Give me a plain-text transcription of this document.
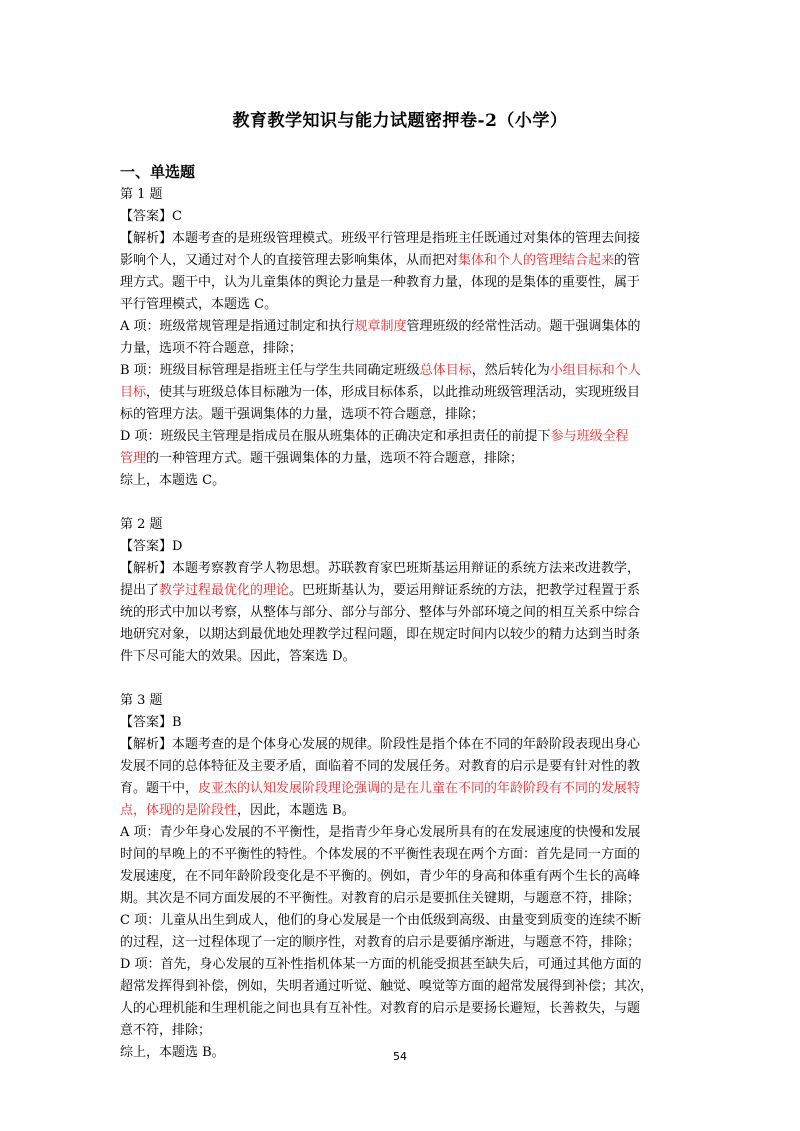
教育教学知识与能力试题密押卷-2（小学）
一、单选题
第 1 题
【答案】C
【解析】本题考查的是班级管理模式。班级平行管理是指班主任既通过对集体的管理去间接
影响个人，又通过对个人的直接管理去影响集体，从而把对集体和个人的管理结合起来的管
理方式。题干中，认为儿童集体的舆论力量是一种教育力量，体现的是集体的重要性，属于
平行管理模式，本题选 C。
A 项：班级常规管理是指通过制定和执行规章制度管理班级的经常性活动。题干强调集体的
力量，选项不符合题意，排除；
B 项：班级目标管理是指班主任与学生共同确定班级总体目标，然后转化为小组目标和个人
目标，使其与班级总体目标融为一体，形成目标体系，以此推动班级管理活动，实现班级目
标的管理方法。题干强调集体的力量，选项不符合题意，排除；
D 项：班级民主管理是指成员在服从班集体的正确决定和承担责任的前提下参与班级全程
管理的一种管理方式。题干强调集体的力量，选项不符合题意，排除；
综上，本题选 C。
第 2 题
【答案】D
【解析】本题考察教育学人物思想。苏联教育家巴班斯基运用辩证的系统方法来改进教学，
提出了教学过程最优化的理论。巴班斯基认为，要运用辩证系统的方法，把教学过程置于系
统的形式中加以考察，从整体与部分、部分与部分、整体与外部环境之间的相互关系中综合
地研究对象，以期达到最优地处理教学过程问题，即在规定时间内以较少的精力达到当时条
件下尽可能大的效果。因此，答案选 D。
第 3 题
【答案】B
【解析】本题考查的是个体身心发展的规律。阶段性是指个体在不同的年龄阶段表现出身心
发展不同的总体特征及主要矛盾，面临着不同的发展任务。对教育的启示是要有针对性的教
育。题干中，皮亚杰的认知发展阶段理论强调的是在儿童在不同的年龄阶段有不同的发展特
点，体现的是阶段性，因此，本题选 B。
A 项：青少年身心发展的不平衡性，是指青少年身心发展所具有的在发展速度的快慢和发展
时间的早晚上的不平衡性的特性。个体发展的不平衡性表现在两个方面：首先是同一方面的
发展速度，在不同年龄阶段变化是不平衡的。例如，青少年的身高和体重有两个生长的高峰
期。其次是不同方面发展的不平衡性。对教育的启示是要抓住关键期，与题意不符，排除；
C 项：儿童从出生到成人，他们的身心发展是一个由低级到高级、由量变到质变的连续不断
的过程，这一过程体现了一定的顺序性，对教育的启示是要循序渐进，与题意不符，排除；
D 项：首先，身心发展的互补性指机体某一方面的机能受损甚至缺失后，可通过其他方面的
超常发挥得到补偿，例如，失明者通过听觉、触觉、嗅觉等方面的超常发展得到补偿；其次，
人的心理机能和生理机能之间也具有互补性。对教育的启示是要扬长避短，长善救失，与题
意不符，排除；
综上，本题选 B。	54
